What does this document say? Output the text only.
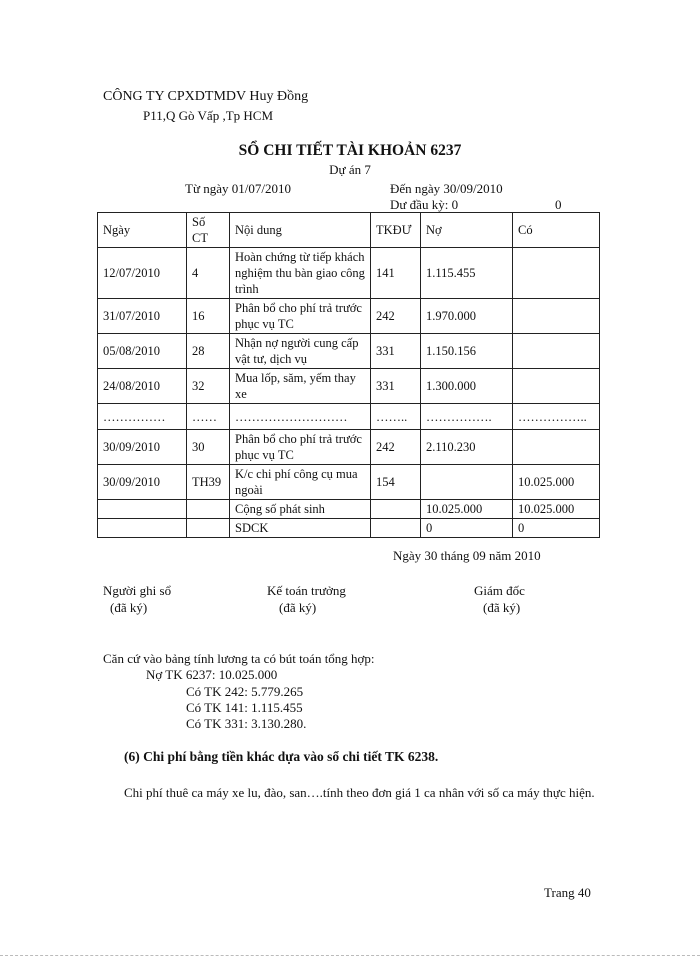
CÔNG TY CPXDTMDV Huy Đồng
P11,Q Gò Vấp ,Tp HCM
SỔ CHI TIẾT TÀI KHOẢN 6237
Dự án 7
Từ ngày 01/07/2010	Đến ngày 30/09/2010
Dư đầu kỳ: 0	0
Ngày	Số CT	Nội dung	TKĐƯ	Nợ	Có
12/07/2010	4	Hoàn chứng từ tiếp khách nghiệm thu bàn giao công trình	141	1.115.455	
31/07/2010	16	Phân bổ cho phí trả trước phục vụ TC	242	1.970.000	
05/08/2010	28	Nhận nợ người cung cấp vật tư, dịch vụ	331	1.150.156	
24/08/2010	32	Mua lốp, săm, yếm thay xe	331	1.300.000	
……………	……	………………………	……..	…………….	……………..
30/09/2010	30	Phân bổ cho phí trả trước phục vụ TC	242	2.110.230	
30/09/2010	TH39	K/c chi phí công cụ mua ngoài	154		10.025.000
		Cộng số phát sinh		10.025.000	10.025.000
		SDCK		0	0
Ngày 30 tháng 09 năm 2010
Người ghi sổ
(đã ký)
Kế toán trưởng
(đã ký)
Giám đốc
(đã ký)
Căn cứ vào bảng tính lương ta có bút toán tổng hợp:
Nợ TK 6237: 10.025.000
Có TK 242: 5.779.265
Có TK 141: 1.115.455
Có TK 331: 3.130.280.
(6) Chi phí bằng tiền khác dựa vào sổ chi tiết TK 6238.
Chi phí thuê ca máy xe lu, đào, san….tính theo đơn giá 1 ca nhân với số ca máy thực hiện.
Trang 40
